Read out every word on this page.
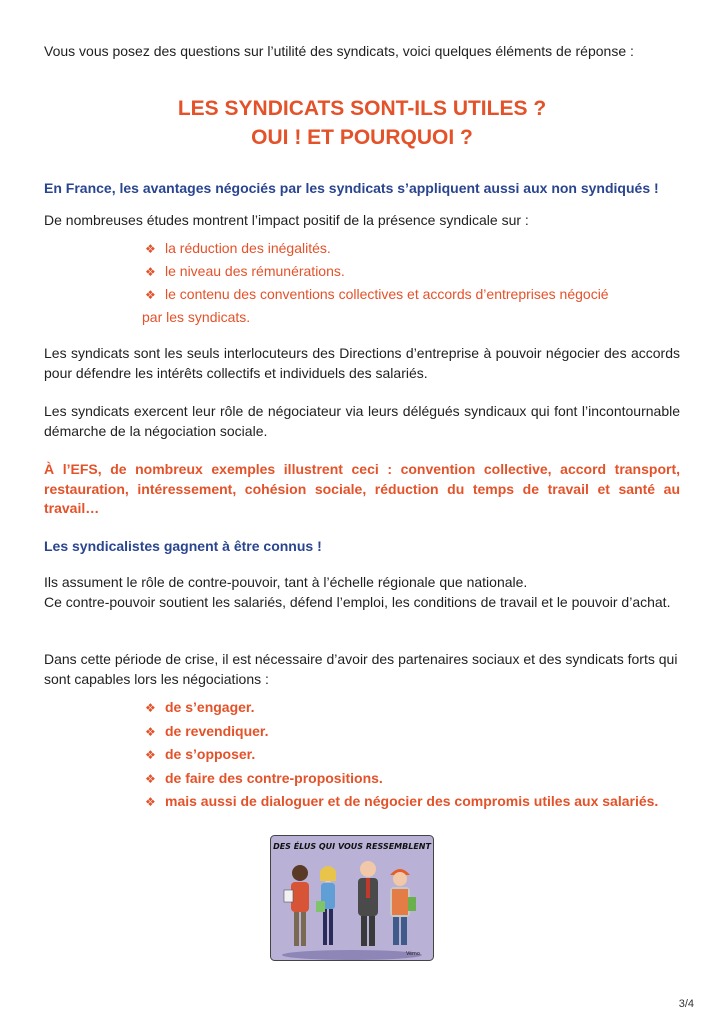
Vous vous posez des questions sur l’utilité des syndicats, voici quelques éléments de réponse :

LES SYNDICATS SONT-ILS UTILES ?

OUI ! ET POURQUOI ?

En France, les avantages négociés par les syndicats s’appliquent aussi aux non syndiqués !

De nombreuses études montrent l’impact positif de la présence syndicale sur :

❖ la réduction des inégalités.
❖ le niveau des rémunérations.
❖ le contenu des conventions collectives et accords d’entreprises négocié
par les syndicats.

Les syndicats sont les seuls interlocuteurs des Directions d’entreprise à pouvoir négocier des accords pour défendre les intérêts collectifs et individuels des salariés.

Les syndicats exercent leur rôle de négociateur via leurs délégués syndicaux qui font l’incontournable démarche de la négociation sociale.

À l’EFS, de nombreux exemples illustrent ceci : convention collective, accord transport, restauration, intéressement, cohésion sociale, réduction du temps de travail et santé au travail…

Les syndicalistes gagnent à être connus !

Ils assument le rôle de contre-pouvoir, tant à l’échelle régionale que nationale.

Ce contre-pouvoir soutient les salariés, défend l’emploi, les conditions de travail et le pouvoir d’achat.

Dans cette période de crise, il est nécessaire d’avoir des partenaires sociaux et des syndicats forts qui sont capables lors les négociations :

❖ de s’engager.
❖ de revendiquer.
❖ de s’opposer.
❖ de faire des contre-propositions.
❖ mais aussi de dialoguer et de négocier des compromis utiles aux salariés.
DES ÉLUS QUI VOUS RESSEMBLENT
Vémo
3/4
